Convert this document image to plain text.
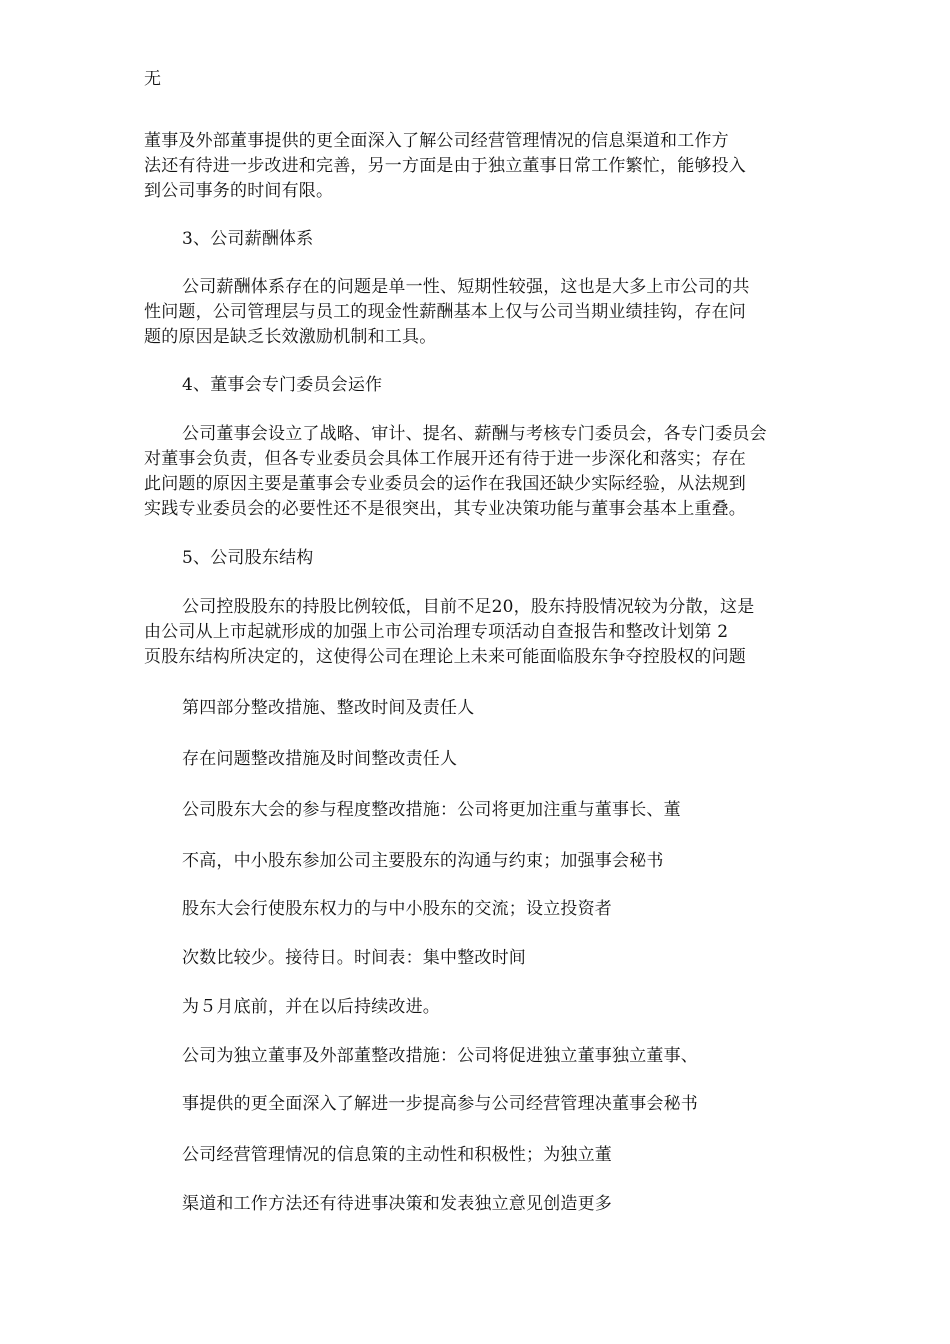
无
董事及外部董事提供的更全面深入了解公司经营管理情况的信息渠道和工作方
法还有待进一步改进和完善，另一方面是由于独立董事日常工作繁忙，能够投入
到公司事务的时间有限。
3、公司薪酬体系
公司薪酬体系存在的问题是单一性、短期性较强，这也是大多上市公司的共
性问题，公司管理层与员工的现金性薪酬基本上仅与公司当期业绩挂钩，存在问
题的原因是缺乏长效激励机制和工具。
4、董事会专门委员会运作
公司董事会设立了战略、审计、提名、薪酬与考核专门委员会，各专门委员会
对董事会负责，但各专业委员会具体工作展开还有待于进一步深化和落实；存在
此问题的原因主要是董事会专业委员会的运作在我国还缺少实际经验，从法规到
实践专业委员会的必要性还不是很突出，其专业决策功能与董事会基本上重叠。
5、公司股东结构
公司控股股东的持股比例较低，目前不足20，股东持股情况较为分散，这是
由公司从上市起就形成的加强上市公司治理专项活动自查报告和整改计划第 2
页股东结构所决定的，这使得公司在理论上未来可能面临股东争夺控股权的问题
第四部分整改措施、整改时间及责任人
存在问题整改措施及时间整改责任人
公司股东大会的参与程度整改措施：公司将更加注重与董事长、董
不高，中小股东参加公司主要股东的沟通与约束；加强事会秘书
股东大会行使股东权力的与中小股东的交流；设立投资者
次数比较少。接待日。时间表：集中整改时间
为５月底前，并在以后持续改进。
公司为独立董事及外部董整改措施：公司将促进独立董事独立董事、
事提供的更全面深入了解进一步提高参与公司经营管理决董事会秘书
公司经营管理情况的信息策的主动性和积极性；为独立董
渠道和工作方法还有待进事决策和发表独立意见创造更多
